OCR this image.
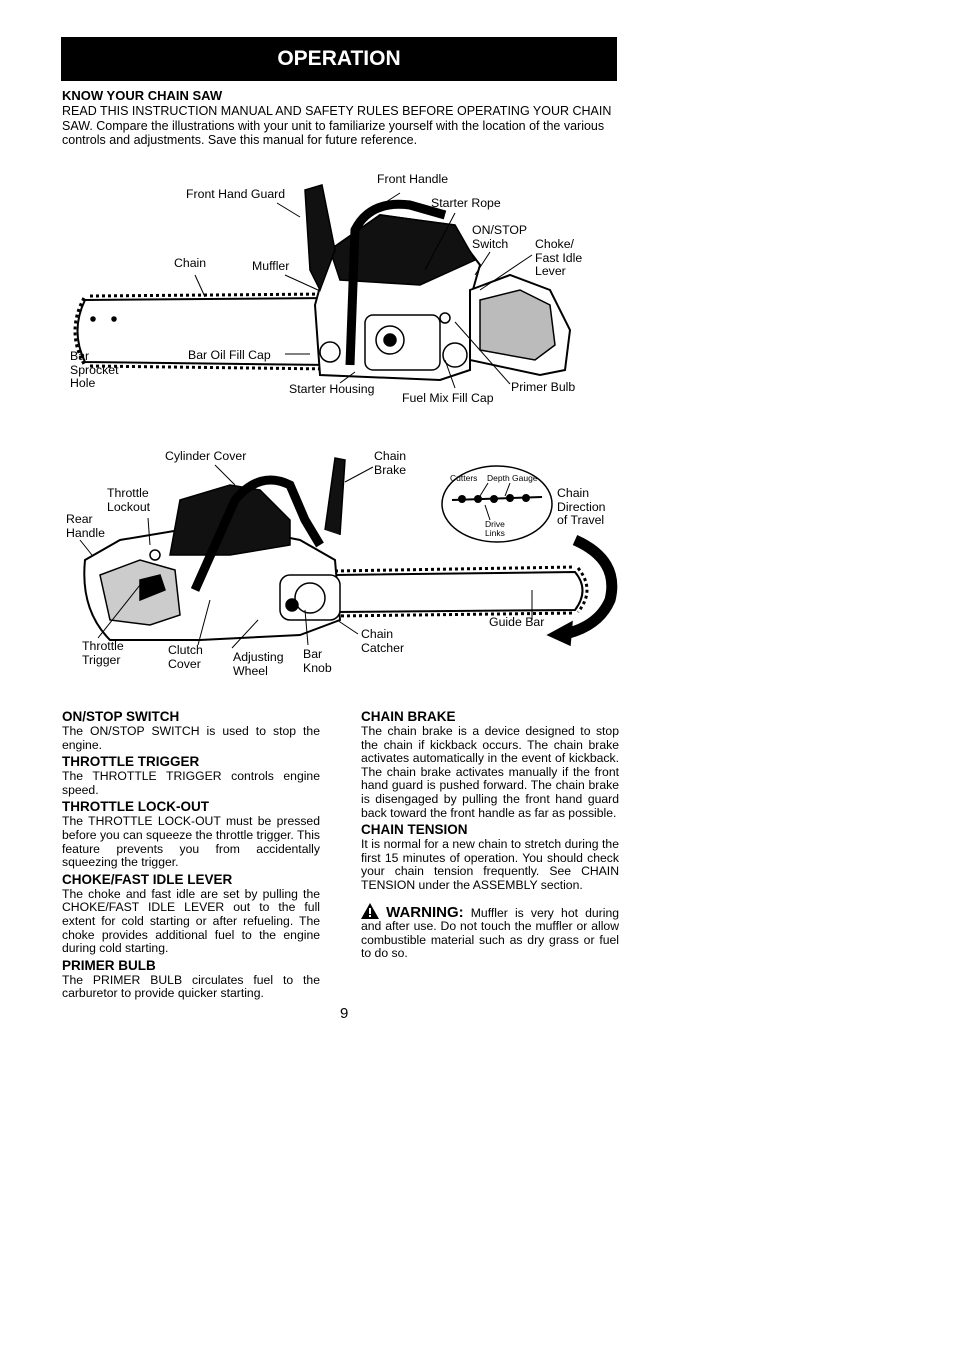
OPERATION
KNOW YOUR CHAIN SAW
READ THIS INSTRUCTION MANUAL AND SAFETY RULES BEFORE OPERATING YOUR CHAIN SAW. Compare the illustrations with your unit to familiarize yourself with the location of the various controls and adjustments. Save this manual for future reference.
Front Hand Guard
Front Handle
Starter Rope
ON/STOP
Switch	Choke/
Fast Idle
Lever
Chain	Muffler
Bar
Sprocket
Hole
Bar Oil Fill Cap
Starter Housing
Fuel Mix Fill Cap
Primer Bulb
Cylinder Cover	Chain
Brake
Throttle
Lockout
Rear
Handle
Chain
Direction
of Travel
Cutters Depth Gauge
Drive
Links
Throttle
Trigger
Clutch
Cover	Adjusting
Wheel
Bar
Knob
Chain
Catcher
Guide Bar
ON/STOP SWITCH

The ON/STOP SWITCH is used to stop the engine.

THROTTLE TRIGGER

The THROTTLE TRIGGER controls engine speed.

THROTTLE LOCK-OUT

The THROTTLE LOCK-OUT must be pressed before you can squeeze the throttle trigger. This feature prevents you from accidentally squeezing the trigger.

CHOKE/FAST IDLE LEVER

The choke and fast idle are set by pulling the CHOKE/FAST IDLE LEVER out to the full extent for cold starting or after refueling. The choke provides additional fuel to the engine during cold starting.

PRIMER BULB

The PRIMER BULB circulates fuel to the carburetor to provide quicker starting.

CHAIN BRAKE

The chain brake is a device designed to stop the chain if kickback occurs. The chain brake activates automatically in the event of kickback. The chain brake activates manually if the front hand guard is pushed forward. The chain brake is disengaged by pulling the front hand guard back toward the front handle as far as possible.

CHAIN TENSION

It is normal for a new chain to stretch during the first 15 minutes of operation. You should check your chain tension frequently. See CHAIN TENSION under the ASSEMBLY section.

WARNING: Muffler is very hot during and after use. Do not touch the muffler or allow combustible material such as dry grass or fuel to do so.

9
